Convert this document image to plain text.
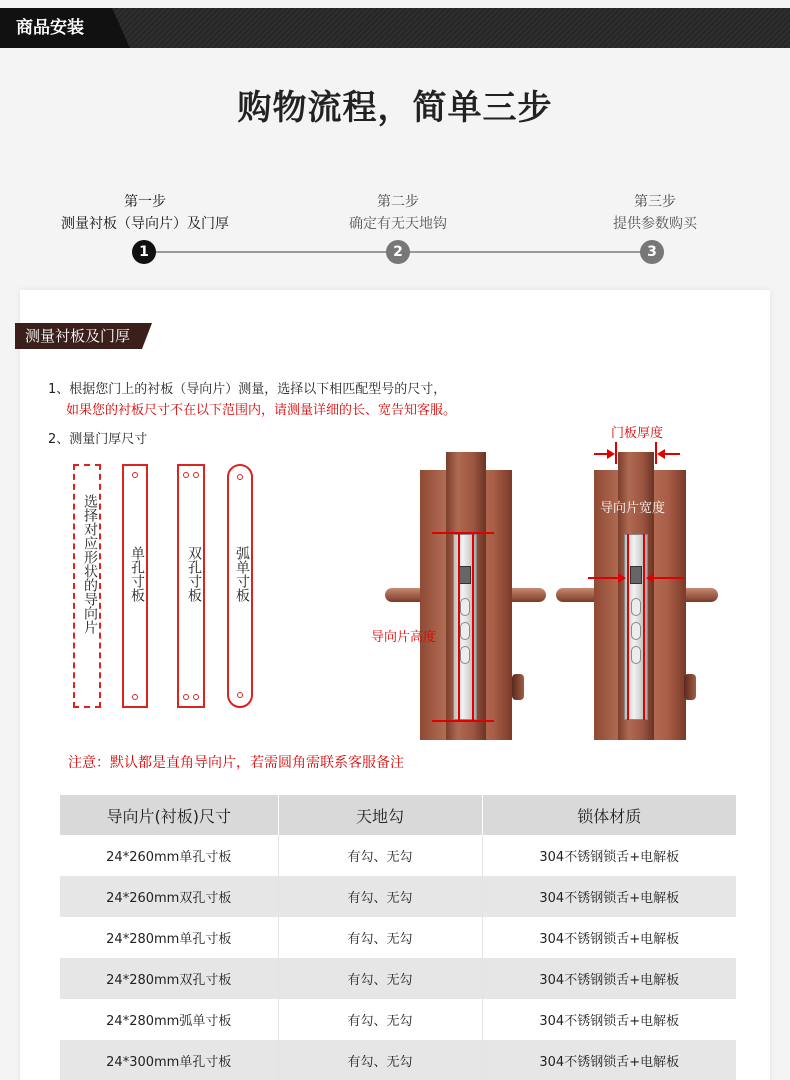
商品安装
购物流程，简单三步
第一步
测量衬板（导向片）及门厚
第二步
确定有无天地钩
第三步
提供参数购买
1	2	3
测量衬板及门厚
1、根据您门上的衬板（导向片）测量，选择以下相匹配型号的尺寸，
如果您的衬板尺寸不在以下范围内，请测量详细的长、宽告知客服。
2、测量门厚尺寸
选择对应形状的导向片	单孔寸板	双孔寸板	弧单寸板
导向片高度
导向片宽度
门板厚度
注意：默认都是直角导向片，若需圆角需联系客服备注
导向片(衬板)尺寸	天地勾	锁体材质
24*260mm单孔寸板	有勾、无勾	304不锈钢锁舌+电解板
24*260mm双孔寸板	有勾、无勾	304不锈钢锁舌+电解板
24*280mm单孔寸板	有勾、无勾	304不锈钢锁舌+电解板
24*280mm双孔寸板	有勾、无勾	304不锈钢锁舌+电解板
24*280mm弧单寸板	有勾、无勾	304不锈钢锁舌+电解板
24*300mm单孔寸板	有勾、无勾	304不锈钢锁舌+电解板
